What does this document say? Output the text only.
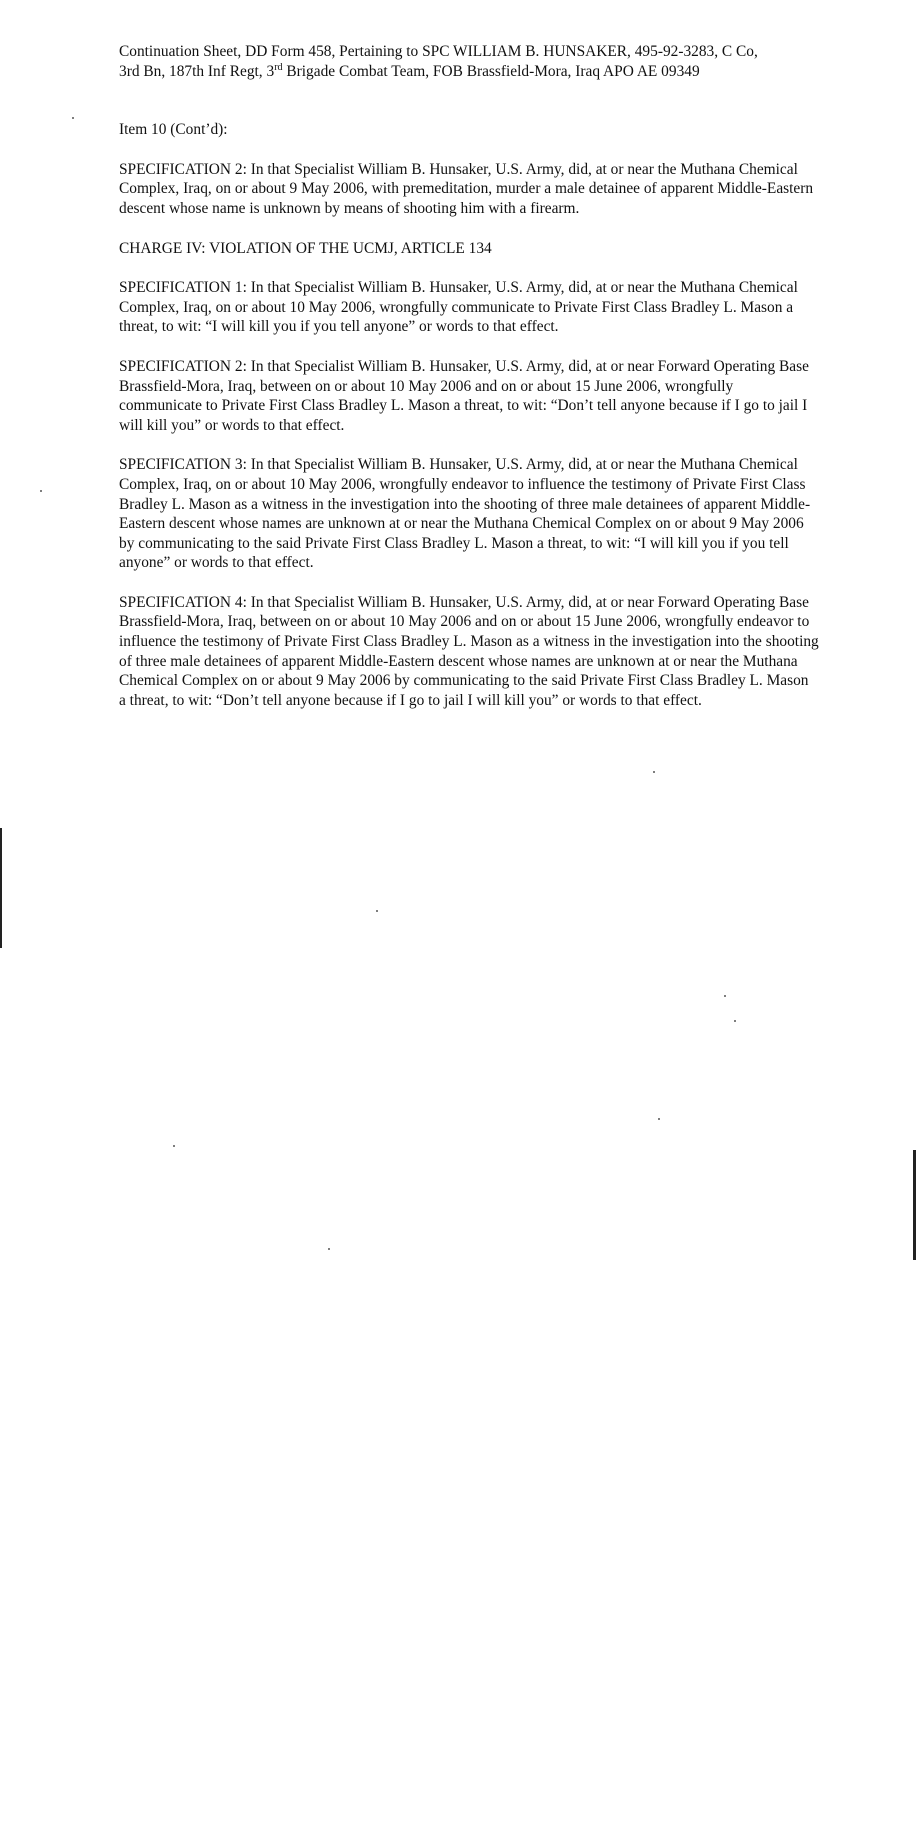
Continuation Sheet, DD Form 458, Pertaining to SPC WILLIAM B. HUNSAKER, 495-92-3283, C Co,
3rd Bn, 187th Inf Regt, 3rd Brigade Combat Team, FOB Brassfield-Mora, Iraq APO AE 09349

Item 10 (Cont’d):

SPECIFICATION 2: In that Specialist William B. Hunsaker, U.S. Army, did, at or near the Muthana Chemical Complex, Iraq, on or about 9 May 2006, with premeditation, murder a male detainee of apparent Middle-Eastern descent whose name is unknown by means of shooting him with a firearm.

CHARGE IV: VIOLATION OF THE UCMJ, ARTICLE 134

SPECIFICATION 1: In that Specialist William B. Hunsaker, U.S. Army, did, at or near the Muthana Chemical Complex, Iraq, on or about 10 May 2006, wrongfully communicate to Private First Class Bradley L. Mason a threat, to wit: “I will kill you if you tell anyone” or words to that effect.

SPECIFICATION 2: In that Specialist William B. Hunsaker, U.S. Army, did, at or near Forward Operating Base Brassfield-Mora, Iraq, between on or about 10 May 2006 and on or about 15 June 2006, wrongfully communicate to Private First Class Bradley L. Mason a threat, to wit: “Don’t tell anyone because if I go to jail I will kill you” or words to that effect.

SPECIFICATION 3: In that Specialist William B. Hunsaker, U.S. Army, did, at or near the Muthana Chemical Complex, Iraq, on or about 10 May 2006, wrongfully endeavor to influence the testimony of Private First Class Bradley L. Mason as a witness in the investigation into the shooting of three male detainees of apparent Middle-Eastern descent whose names are unknown at or near the Muthana Chemical Complex on or about 9 May 2006 by communicating to the said Private First Class Bradley L. Mason a threat, to wit: “I will kill you if you tell anyone” or words to that effect.

SPECIFICATION 4: In that Specialist William B. Hunsaker, U.S. Army, did, at or near Forward Operating Base Brassfield-Mora, Iraq, between on or about 10 May 2006 and on or about 15 June 2006, wrongfully endeavor to influence the testimony of Private First Class Bradley L. Mason as a witness in the investigation into the shooting of three male detainees of apparent Middle-Eastern descent whose names are unknown at or near the Muthana Chemical Complex on or about 9 May 2006 by communicating to the said Private First Class Bradley L. Mason a threat, to wit: “Don’t tell anyone because if I go to jail I will kill you” or words to that effect.
